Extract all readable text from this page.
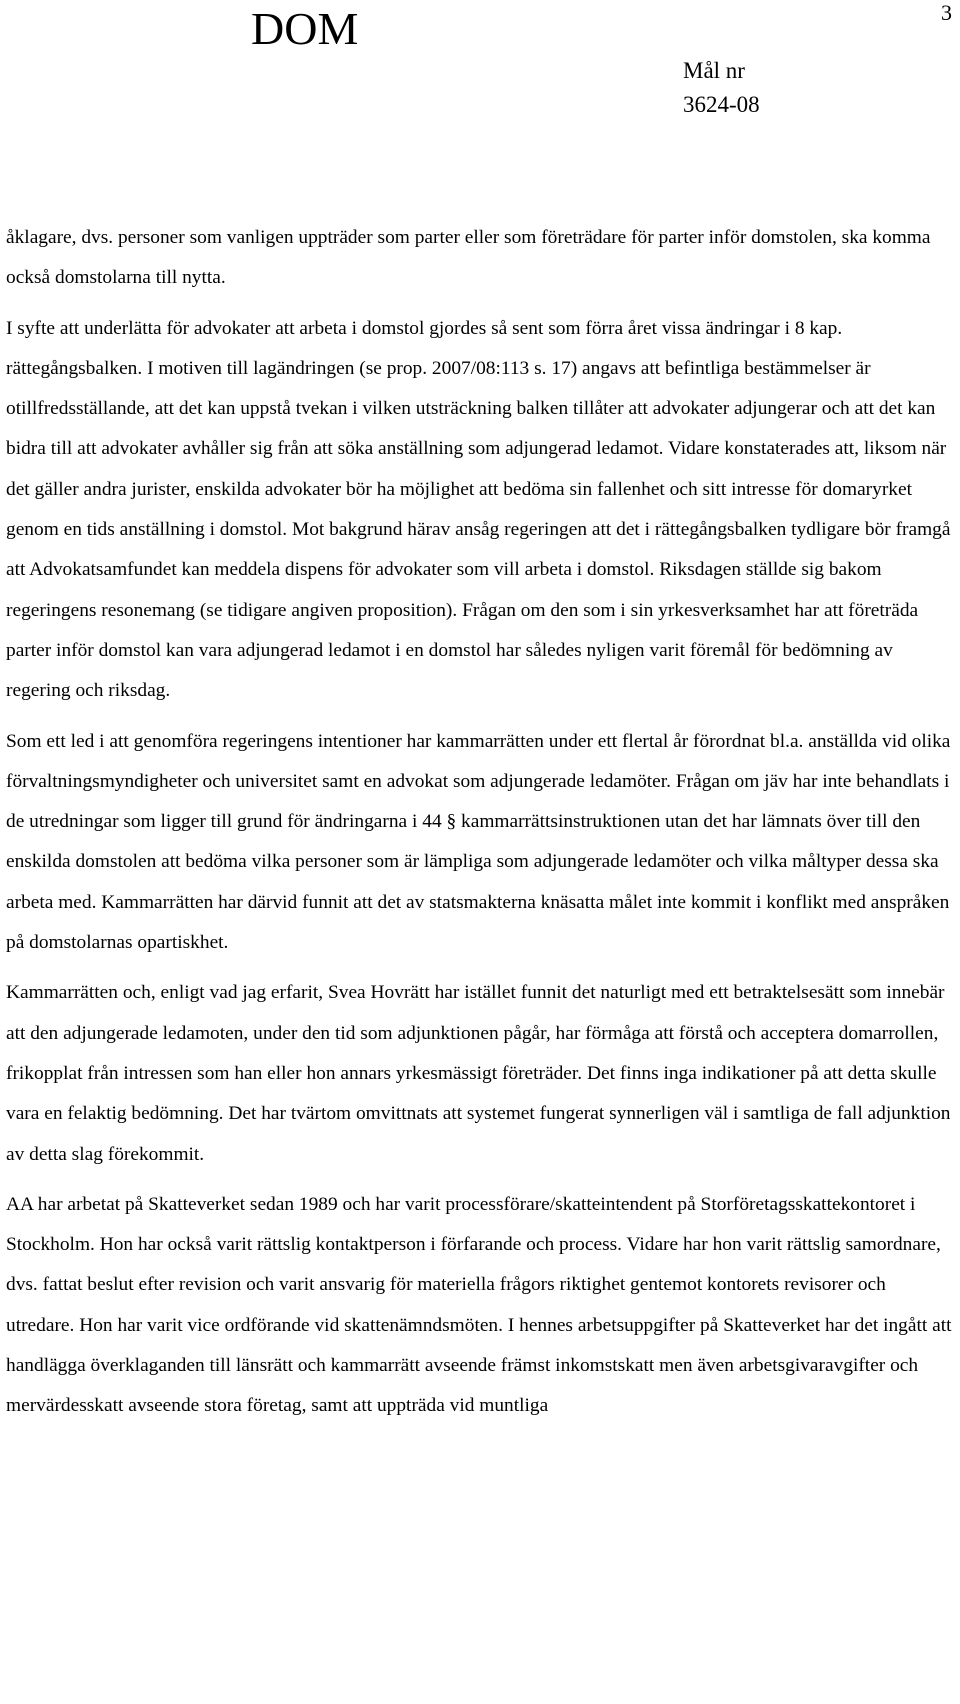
DOM	3
Mål nr
3624-08

åklagare, dvs. personer som vanligen uppträder som parter eller som företrädare för parter inför domstolen, ska komma också domstolarna till nytta.

I syfte att underlätta för advokater att arbeta i domstol gjordes så sent som förra året vissa ändringar i 8 kap. rättegångsbalken. I motiven till lagändringen (se prop. 2007/08:113 s. 17) angavs att befintliga bestämmelser är otillfredsställande, att det kan uppstå tvekan i vilken utsträckning balken tillåter att advokater adjungerar och att det kan bidra till att advokater avhåller sig från att söka anställning som adjungerad ledamot. Vidare konstaterades att, liksom när det gäller andra jurister, enskilda advokater bör ha möjlighet att bedöma sin fallenhet och sitt intresse för domaryrket genom en tids anställning i domstol. Mot bakgrund härav ansåg regeringen att det i rättegångsbalken tydligare bör framgå att Advokatsamfundet kan meddela dispens för advokater som vill arbeta i domstol. Riksdagen ställde sig bakom regeringens resonemang (se tidigare angiven proposition). Frågan om den som i sin yrkesverksamhet har att företräda parter inför domstol kan vara adjungerad ledamot i en domstol har således nyligen varit föremål för bedömning av regering och riksdag.

Som ett led i att genomföra regeringens intentioner har kammarrätten under ett flertal år förordnat bl.a. anställda vid olika förvaltningsmyndigheter och universitet samt en advokat som adjungerade ledamöter. Frågan om jäv har inte behandlats i de utredningar som ligger till grund för ändringarna i 44 § kammarrättsinstruktionen utan det har lämnats över till den enskilda domstolen att bedöma vilka personer som är lämpliga som adjungerade ledamöter och vilka måltyper dessa ska arbeta med. Kammarrätten har därvid funnit att det av statsmakterna knäsatta målet inte kommit i konflikt med anspråken på domstolarnas opartiskhet.

Kammarrätten och, enligt vad jag erfarit, Svea Hovrätt har istället funnit det naturligt med ett betraktelsesätt som innebär att den adjungerade ledamoten, under den tid som adjunktionen pågår, har förmåga att förstå och acceptera domarrollen, frikopplat från intressen som han eller hon annars yrkesmässigt företräder. Det finns inga indikationer på att detta skulle vara en felaktig bedömning. Det har tvärtom omvittnats att systemet fungerat synnerligen väl i samtliga de fall adjunktion av detta slag förekommit.

AA har arbetat på Skatteverket sedan 1989 och har varit processförare/skatteintendent på Storföretagsskattekontoret i Stockholm. Hon har också varit rättslig kontaktperson i förfarande och process. Vidare har hon varit rättslig samordnare, dvs. fattat beslut efter revision och varit ansvarig för materiella frågors riktighet gentemot kontorets revisorer och utredare. Hon har varit vice ordförande vid skattenämndsmöten. I hennes arbetsuppgifter på Skatteverket har det ingått att handlägga överklaganden till länsrätt och kammarrätt avseende främst inkomstskatt men även arbetsgivaravgifter och mervärdesskatt avseende stora företag, samt att uppträda vid muntliga
